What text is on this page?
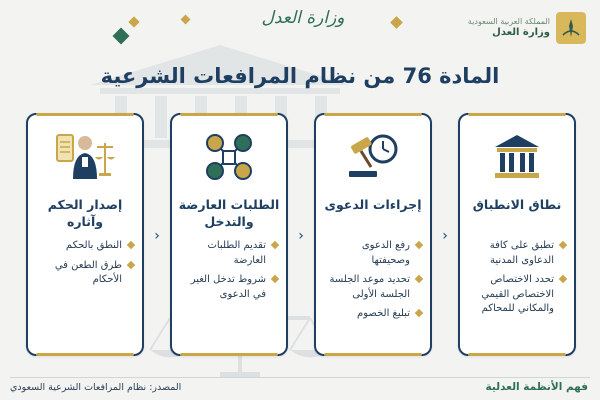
المملكة العربية السعودية
وزارة العدل
وزارة العدل
المادة 76 من نظام المرافعات الشرعية
نطاق الانطباق
تطبق على كافة الدعاوى المدنية
تحدد الاختصاص الاختصاص القيمي والمكاني للمحاكم
‹
إجراءات الدعوى
رفع الدعوى وصحيفتها
تحديد موعد الجلسة الجلسة الأولى
تبليغ الخصوم
‹
الطلبات العارضة والتدخل
تقديم الطلبات العارضة
شروط تدخل الغير في الدعوى
‹
إصدار الحكم وآثاره
النطق بالحكم
طرق الطعن في الأحكام
فهم الأنظمة العدلية
المصدر: نظام المرافعات الشرعية السعودي
